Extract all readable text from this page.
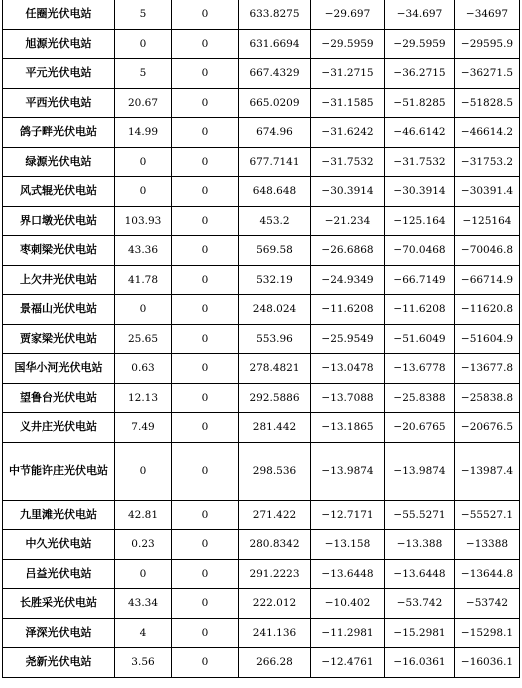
任圈光伏电站	5	0	633.8275	−29.697	−34.697	−34697
旭源光伏电站	0	0	631.6694	−29.5959	−29.5959	−29595.9
平元光伏电站	5	0	667.4329	−31.2715	−36.2715	−36271.5
平西光伏电站	20.67	0	665.0209	−31.1585	−51.8285	−51828.5
鸽子畔光伏电站	14.99	0	674.96	−31.6242	−46.6142	−46614.2
绿源光伏电站	0	0	677.7141	−31.7532	−31.7532	−31753.2
风式辊光伏电站	0	0	648.648	−30.3914	−30.3914	−30391.4
界口墩光伏电站	103.93	0	453.2	−21.234	−125.164	−125164
枣刺梁光伏电站	43.36	0	569.58	−26.6868	−70.0468	−70046.8
上欠井光伏电站	41.78	0	532.19	−24.9349	−66.7149	−66714.9
景福山光伏电站	0	0	248.024	−11.6208	−11.6208	−11620.8
贾家梁光伏电站	25.65	0	553.96	−25.9549	−51.6049	−51604.9
国华小河光伏电站	0.63	0	278.4821	−13.0478	−13.6778	−13677.8
望鲁台光伏电站	12.13	0	292.5886	−13.7088	−25.8388	−25838.8
义井庄光伏电站	7.49	0	281.442	−13.1865	−20.6765	−20676.5
中节能许庄光伏电站	0	0	298.536	−13.9874	−13.9874	−13987.4
九里滩光伏电站	42.81	0	271.422	−12.7171	−55.5271	−55527.1
中久光伏电站	0.23	0	280.8342	−13.158	−13.388	−13388
吕益光伏电站	0	0	291.2223	−13.6448	−13.6448	−13644.8
长胜采光伏电站	43.34	0	222.012	−10.402	−53.742	−53742
泽深光伏电站	4	0	241.136	−11.2981	−15.2981	−15298.1
尧新光伏电站	3.56	0	266.28	−12.4761	−16.0361	−16036.1
